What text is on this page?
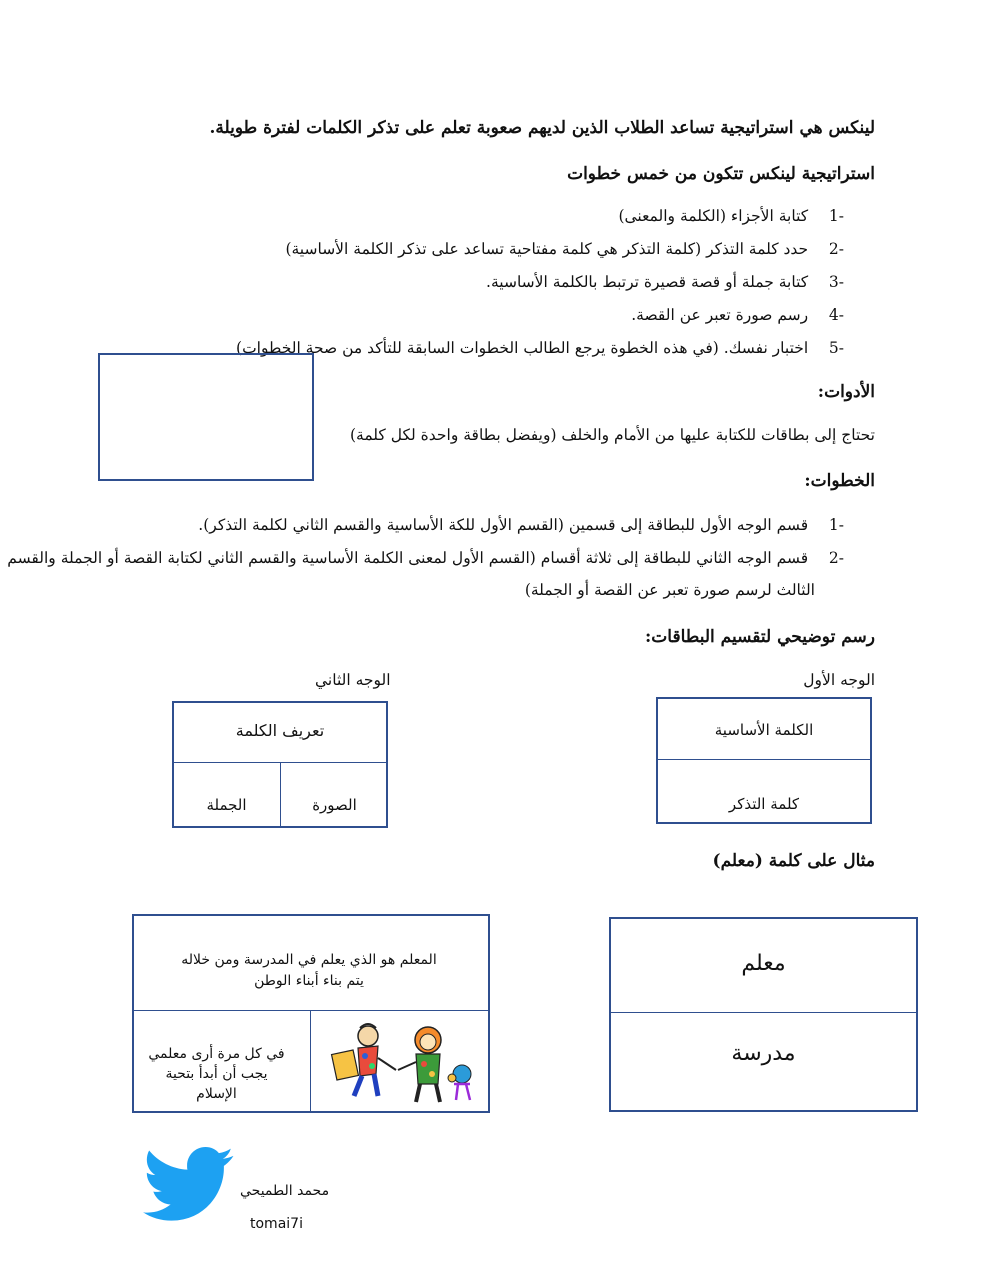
لينكس هي استراتيجية تساعد الطلاب الذين لديهم صعوبة تعلم على تذكر الكلمات لفترة طويلة.
استراتيجية لينكس تتكون من خمس خطوات
-1  كتابة الأجزاء (الكلمة والمعنى)
-2  حدد كلمة التذكر (كلمة التذكر هي كلمة مفتاحية تساعد على تذكر الكلمة الأساسية)
-3  كتابة جملة أو قصة قصيرة ترتبط بالكلمة الأساسية.
-4  رسم صورة تعبر عن القصة.
-5  اختبار نفسك. (في هذه الخطوة يرجع الطالب الخطوات السابقة للتأكد من صحة الخطوات)
الأدوات:
تحتاج إلى بطاقات للكتابة عليها من الأمام والخلف (ويفضل بطاقة واحدة لكل كلمة)
الخطوات:
-1  قسم الوجه الأول للبطاقة إلى قسمين (القسم الأول للكة الأساسية والقسم الثاني لكلمة التذكر).
-2  قسم الوجه الثاني للبطاقة إلى ثلاثة أقسام (القسم الأول لمعنى الكلمة الأساسية والقسم الثاني لكتابة القصة أو الجملة والقسم
الثالث لرسم صورة تعبر عن القصة أو الجملة)
رسم توضيحي لتقسيم البطاقات:
الوجه الأول
الوجه الثاني
الكلمة الأساسية
كلمة التذكر
تعريف الكلمة
الصورة
الجملة
مثال على كلمة (معلم)
معلم
مدرسة
المعلم هو الذي يعلم في المدرسة ومن خلاله يتم بناء أبناء الوطن
في كل مرة أرى معلمي يجب أن أبدأ بتحية الإسلام
محمد الطميحي
tomai7i
